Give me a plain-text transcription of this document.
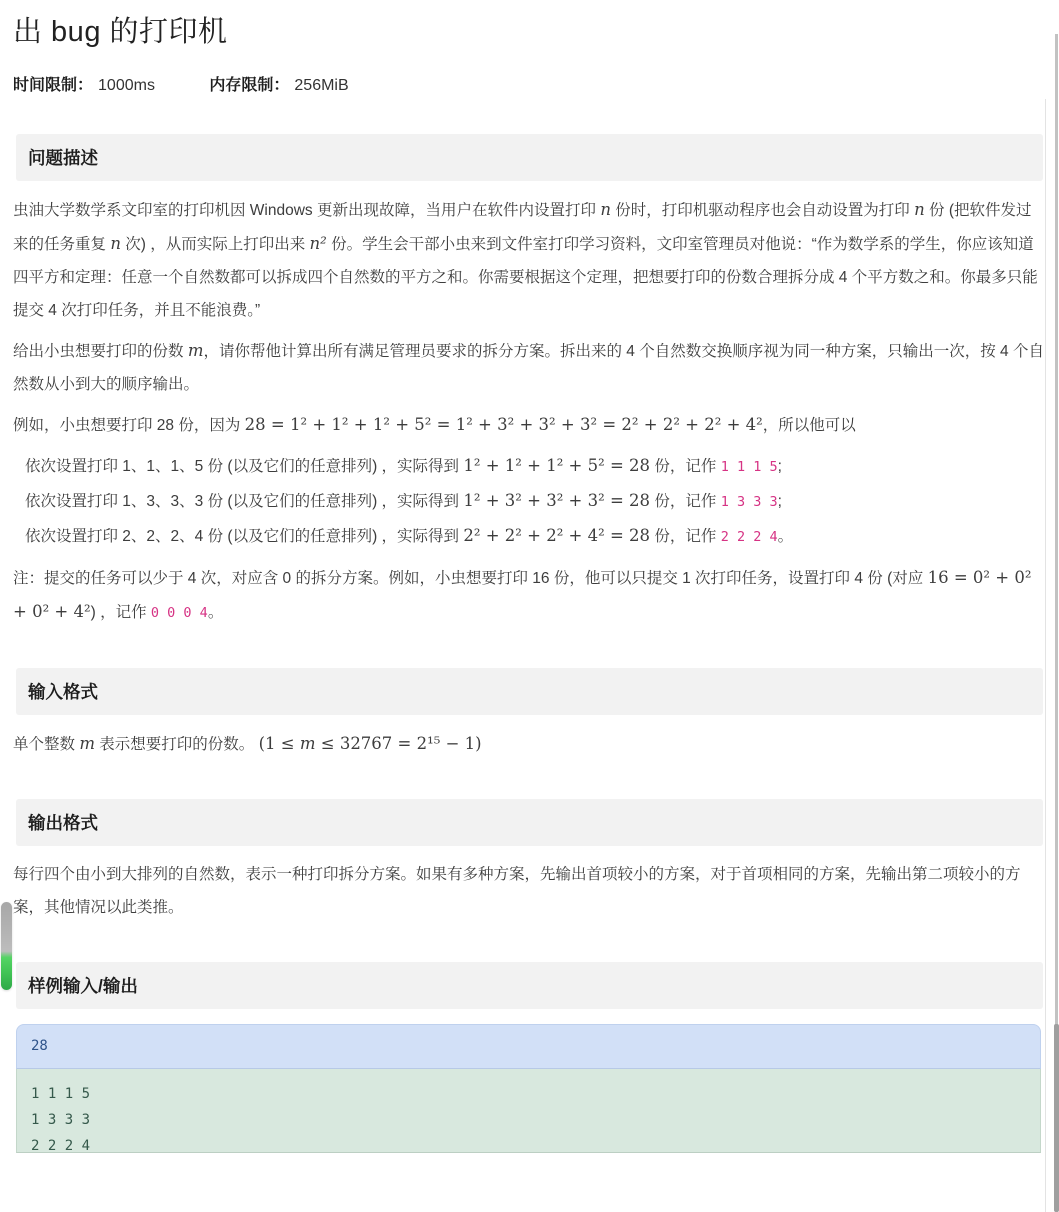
出 bug 的打印机
时间限制： 1000ms	内存限制： 256MiB
问题描述

虫油大学数学系文印室的打印机因 Windows 更新出现故障，当用户在软件内设置打印 n 份时，打印机驱动程序也会自动设置为打印 n 份 (把软件发过来的任务重复 n 次) ，从而实际上打印出来 n² 份。学生会干部小虫来到文件室打印学习资料，文印室管理员对他说：“作为数学系的学生，你应该知道四平方和定理：任意一个自然数都可以拆成四个自然数的平方之和。你需要根据这个定理，把想要打印的份数合理拆分成 4 个平方数之和。你最多只能提交 4 次打印任务，并且不能浪费。”

给出小虫想要打印的份数 m，请你帮他计算出所有满足管理员要求的拆分方案。拆出来的 4 个自然数交换顺序视为同一种方案，只输出一次，按 4 个自然数从小到大的顺序输出。

例如，小虫想要打印 28 份，因为 28 = 1² + 1² + 1² + 5² = 1² + 3² + 3² + 3² = 2² + 2² + 2² + 4²，所以他可以

依次设置打印 1、1、1、5 份 (以及它们的任意排列) ，实际得到 1² + 1² + 1² + 5² = 28 份，记作 1 1 1 5;
依次设置打印 1、3、3、3 份 (以及它们的任意排列) ，实际得到 1² + 3² + 3² + 3² = 28 份，记作 1 3 3 3;
依次设置打印 2、2、2、4 份 (以及它们的任意排列) ，实际得到 2² + 2² + 2² + 4² = 28 份，记作 2 2 2 4。

注：提交的任务可以少于 4 次，对应含 0 的拆分方案。例如，小虫想要打印 16 份，他可以只提交 1 次打印任务，设置打印 4 份 (对应 16 = 0² + 0² + 0² + 4²) ，记作 0 0 0 4。

输入格式

单个整数 m 表示想要打印的份数。 (1 ≤ m ≤ 32767 = 2¹⁵ − 1)

输出格式

每行四个由小到大排列的自然数，表示一种打印拆分方案。如果有多种方案，先输出首项较小的方案，对于首项相同的方案，先输出第二项较小的方案，其他情况以此类推。

样例输入/输出
28
1 1 1 5
1 3 3 3
2 2 2 4
